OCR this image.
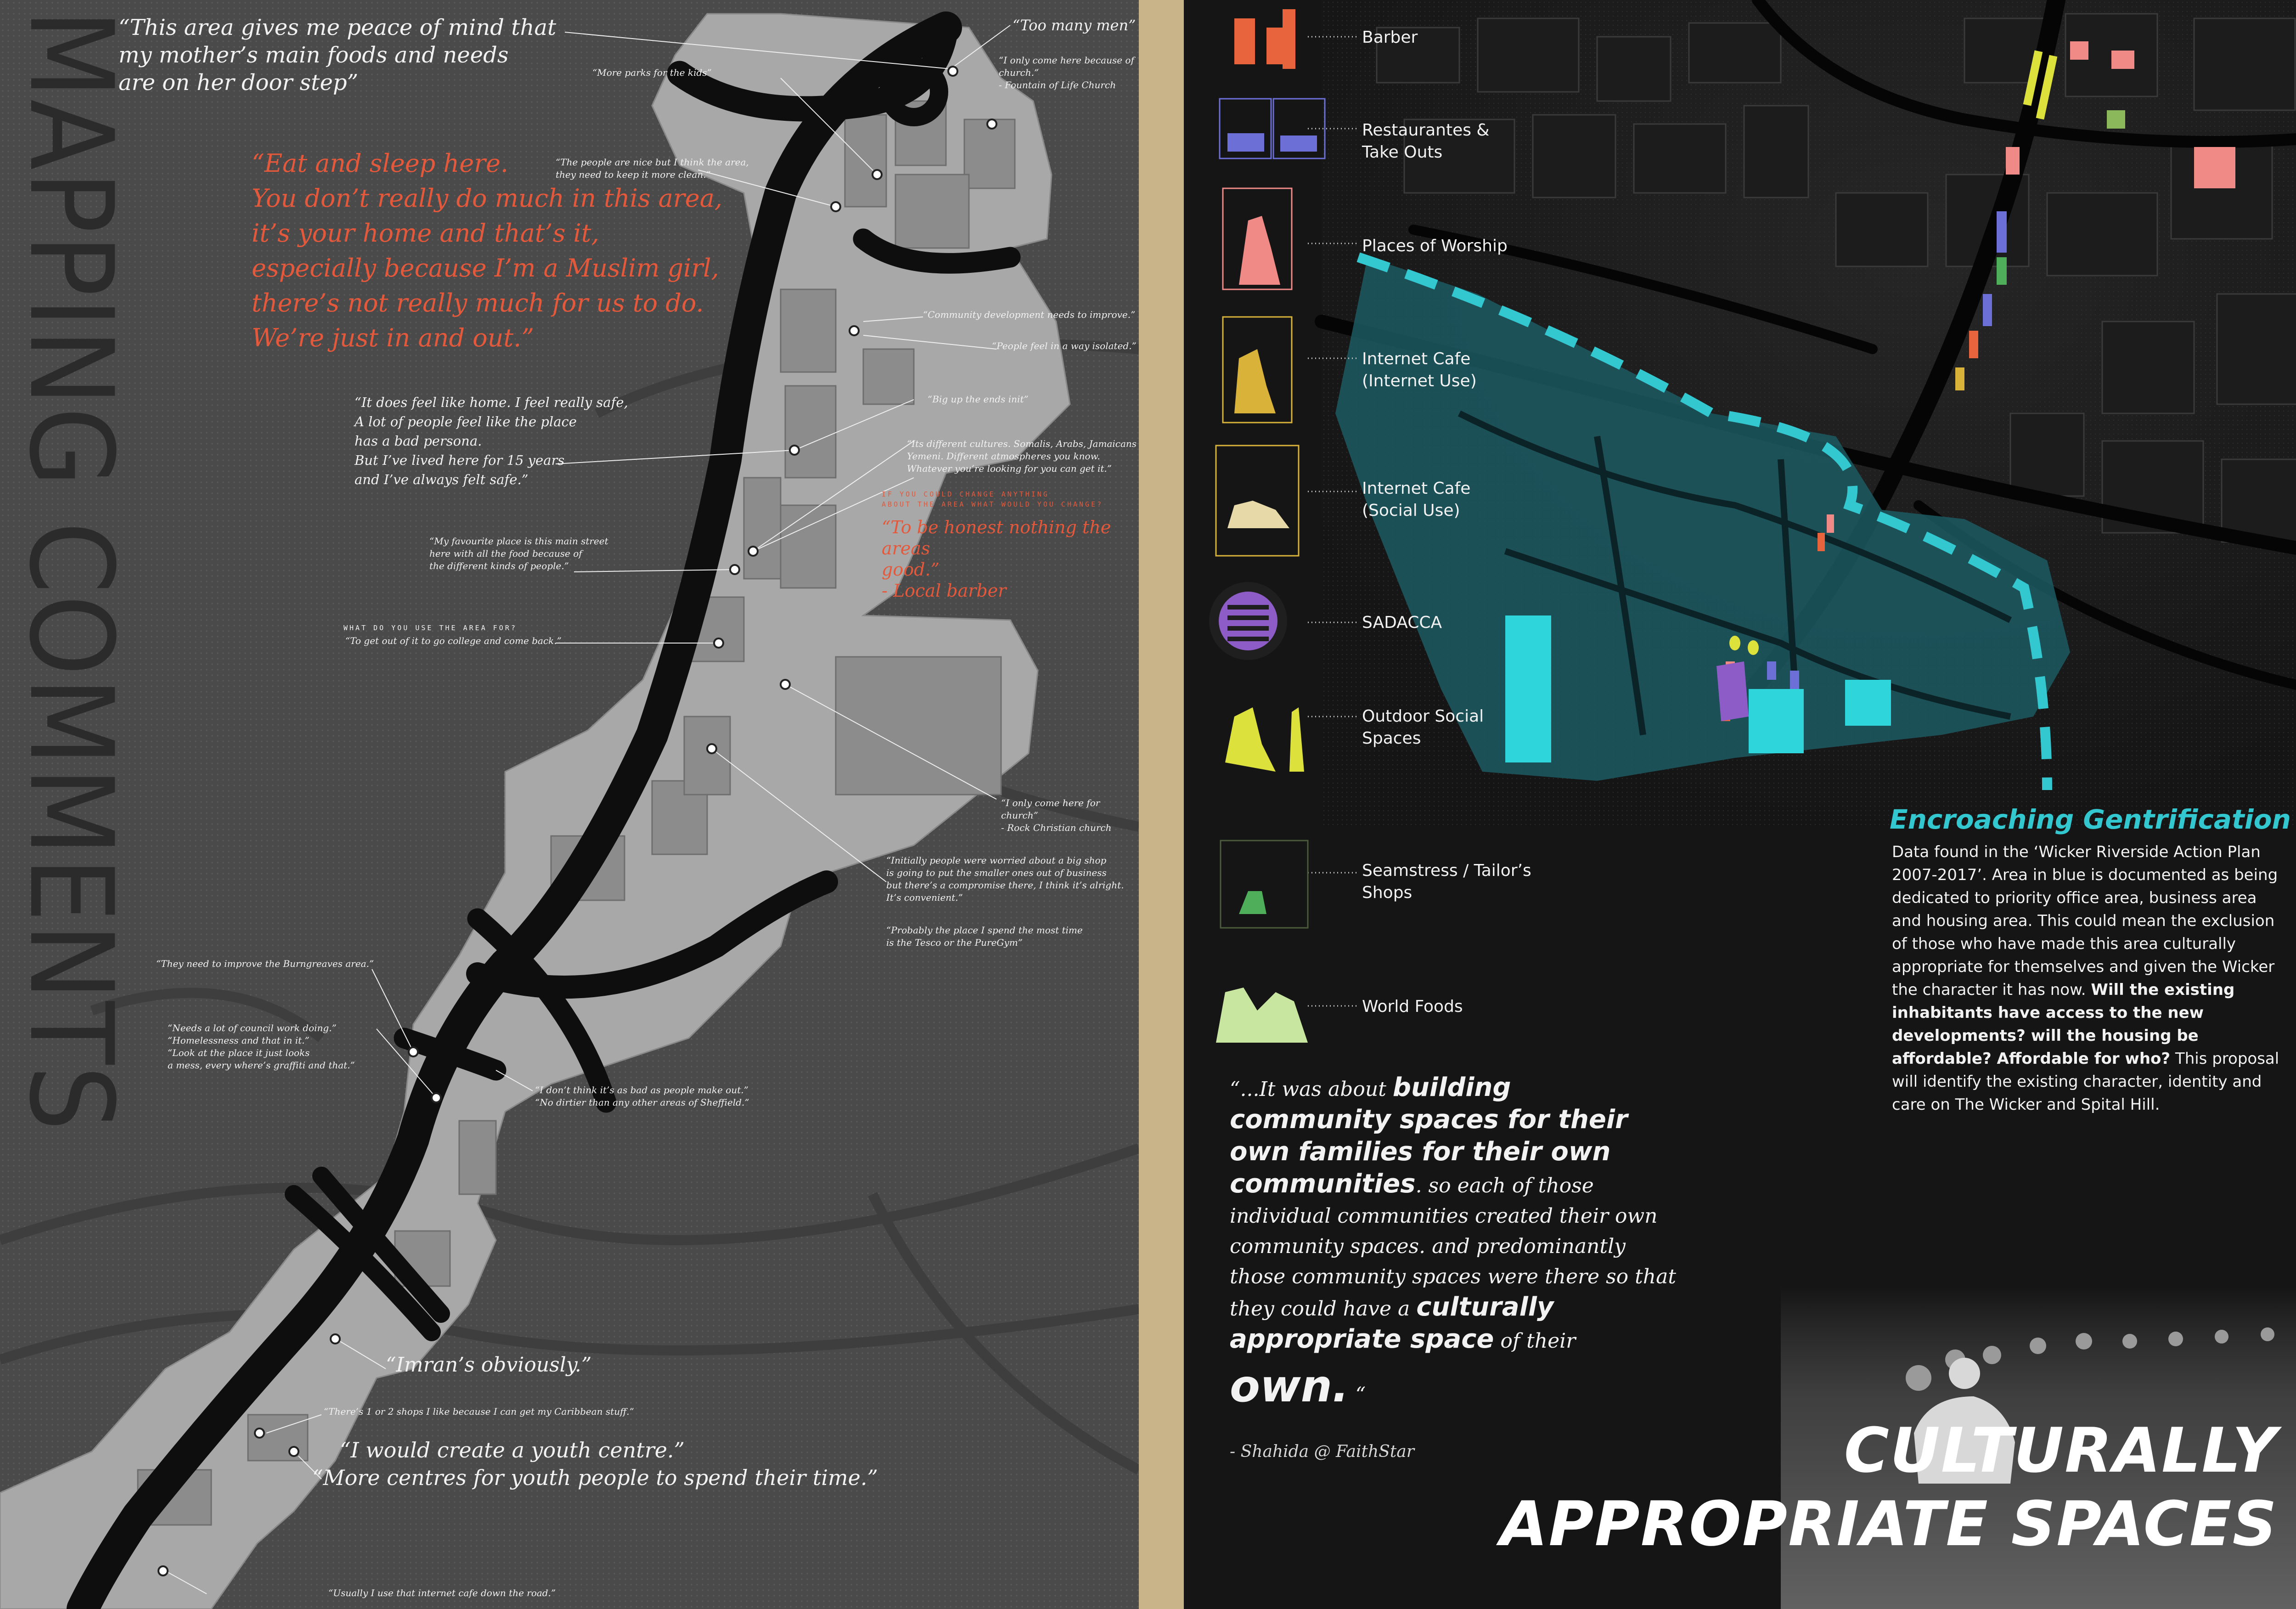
MAPPING COMMENTS
“This area gives me peace of mind that
my mother’s main foods and needs
are on her door step”
“Eat and sleep here.
You don’t really do much in this area,
it’s your home and that’s it,
especially because I’m a Muslim girl,
there’s not really much for us to do.
We’re just in and out.”
“Too many men”
“I only come here because of church.”
- Fountain of Life Church
“More parks for the kids”
“The people are nice but I think the area,
they need to keep it more clean.”
“Community development needs to improve.”
“People feel in a way isolated.”
“It does feel like home. I feel really safe,
A lot of people feel like the place
has a bad persona.
But I’ve lived here for 15 years
and I’ve always felt safe.”
“Big up the ends init”
“Its different cultures. Somalis, Arabs, Jamaicans
Yemeni. Different atmospheres you know.
Whatever you’re looking for you can get it.”
IF YOU COULD CHANGE ANYTHING
ABOUT THE AREA WHAT WOULD YOU CHANGE?
“To be honest nothing the areas
good.”
- Local barber
“My favourite place is this main street
here with all the food because of
the different kinds of people.”
WHAT DO YOU USE THE AREA FOR?
“To get out of it to go college and come back.”
“I only come here for church”
- Rock Christian church
“Initially people were worried about a big shop
is going to put the smaller ones out of business
but there’s a compromise there, I think it’s alright.
It’s convenient.”
“Probably the place I spend the most time
is the Tesco or the PureGym”
“They need to improve the Burngreaves area.”
“Needs a lot of council work doing.”
“Homelessness and that in it.”
“Look at the place it just looks
a mess, every where’s graffiti and that.”
“I don’t think it’s as bad as people make out.”
“No dirtier than any other areas of Sheffield.”
“Imran’s obviously.”
“There’s 1 or 2 shops I like because I can get my Caribbean stuff.”
“I would create a youth centre.”
“More centres for youth people to spend their time.”
“Usually I use that internet cafe down the road.”
Barber
Restaurantes &
Take Outs
Places of Worship
Internet Cafe
(Internet Use)
Internet Cafe
(Social Use)
SADACCA
Outdoor Social
Spaces
Seamstress / Tailor’s
Shops
World Foods
Encroaching Gentrification
Data found in the ‘Wicker Riverside Action Plan 2007-2017’. Area in blue is documented as being dedicated to priority office area, business area and housing area. This could mean the exclusion of those who have made this area culturally appropriate for themselves and given the Wicker the character it has now. Will the existing inhabitants have access to the new developments? will the housing be affordable? Affordable for who? This proposal will identify the existing character, identity and care on The Wicker and Spital Hill.
“...It was about building community spaces for their own families for their own communities. so each of those individual communities created their own community spaces. and predominantly those community spaces were there so that they could have a culturally appropriate space of their
own. “
- Shahida @ FaithStar	CULTURALLY
APPROPRIATE SPACES
